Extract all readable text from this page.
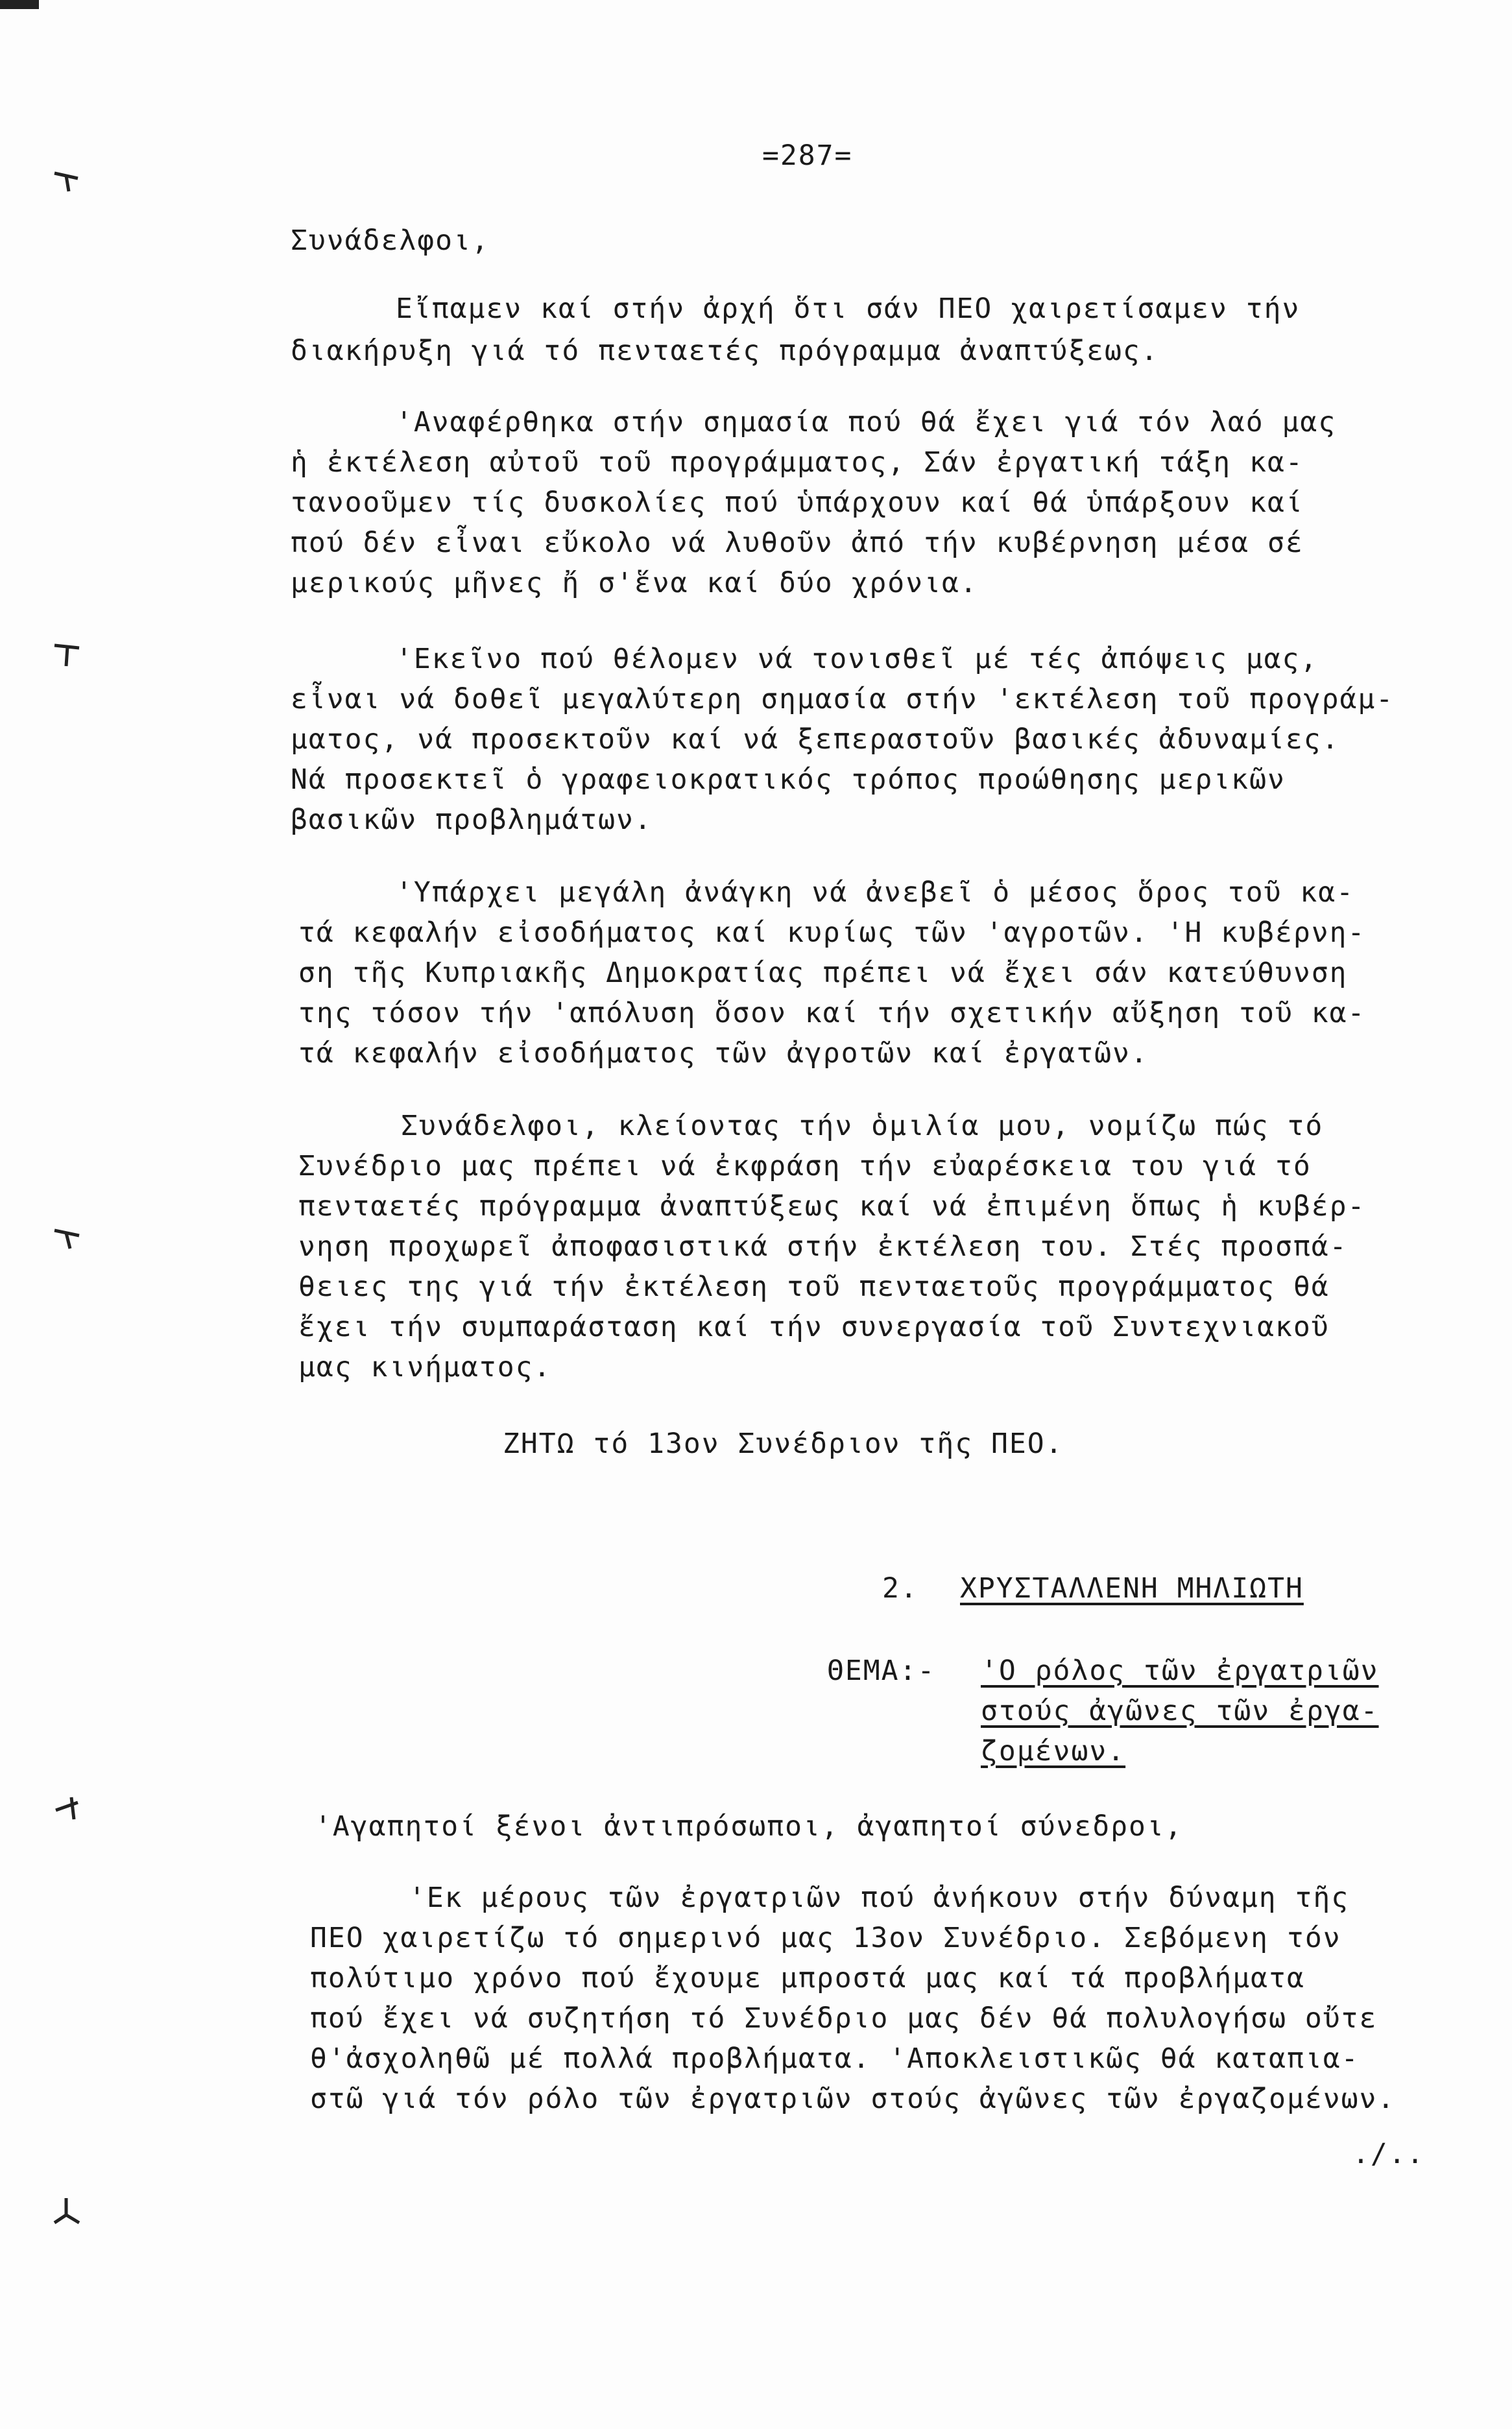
=287=
Συνάδελφοι,
Εἴπαμεν καί στήν ἀρχή ὅτι σάν ΠΕΟ χαιρετίσαμεν τήν
διακήρυξη γιά τό πενταετές πρόγραμμα ἀναπτύξεως.
'Αναφέρθηκα στήν σημασία πού θά ἔχει γιά τόν λαό μας
ἡ ἐκτέλεση αὐτοῦ τοῦ προγράμματος, Σάν ἐργατική τάξη κα-
τανοοῦμεν τίς δυσκολίες πού ὑπάρχουν καί θά ὑπάρξουν καί
πού δέν εἶναι εὔκολο νά λυθοῦν ἀπό τήν κυβέρνηση μέσα σέ
μερικούς μῆνες ἤ σ'ἕνα καί δύο χρόνια.
'Εκεῖνο πού θέλομεν νά τονισθεῖ μέ τές ἀπόψεις μας,
εἶναι νά δοθεῖ μεγαλύτερη σημασία στήν 'εκτέλεση τοῦ προγράμ-
ματος, νά προσεκτοῦν καί νά ξεπεραστοῦν βασικές ἀδυναμίες.
Νά προσεκτεῖ ὁ γραφειοκρατικός τρόπος προώθησης μερικῶν
βασικῶν προβλημάτων.
'Υπάρχει μεγάλη ἀνάγκη νά ἀνεβεῖ ὁ μέσος ὅρος τοῦ κα-
τά κεφαλήν εἰσοδήματος καί κυρίως τῶν 'αγροτῶν. 'Η κυβέρνη-
ση τῆς Κυπριακῆς Δημοκρατίας πρέπει νά ἔχει σάν κατεύθυνση
της τόσον τήν 'απόλυση ὅσον καί τήν σχετικήν αὔξηση τοῦ κα-
τά κεφαλήν εἰσοδήματος τῶν ἀγροτῶν καί ἐργατῶν.
Συνάδελφοι, κλείοντας τήν ὁμιλία μου, νομίζω πώς τό
Συνέδριο μας πρέπει νά ἐκφράση τήν εὐαρέσκεια του γιά τό
πενταετές πρόγραμμα ἀναπτύξεως καί νά ἐπιμένη ὅπως ἡ κυβέρ-
νηση προχωρεῖ ἀποφασιστικά στήν ἐκτέλεση του. Στές προσπά-
θειες της γιά τήν ἐκτέλεση τοῦ πενταετοῦς προγράμματος θά
ἔχει τήν συμπαράσταση καί τήν συνεργασία τοῦ Συντεχνιακοῦ
μας κινήματος.
ΖΗΤΩ τό 13ον Συνέδριον τῆς ΠΕΟ.
2. ΧΡΥΣΤΑΛΛΕΝΗ ΜΗΛΙΩΤΗ
ΘΕΜΑ:- 'Ο ρόλος τῶν ἐργατριῶν
στούς ἀγῶνες τῶν ἐργα-
ζομένων.
'Αγαπητοί ξένοι ἀντιπρόσωποι, ἀγαπητοί σύνεδροι,
'Εκ μέρους τῶν ἐργατριῶν πού ἀνήκουν στήν δύναμη τῆς
ΠΕΟ χαιρετίζω τό σημερινό μας 13ον Συνέδριο. Σεβόμενη τόν
πολύτιμο χρόνο πού ἔχουμε μπροστά μας καί τά προβλήματα
πού ἔχει νά συζητήση τό Συνέδριο μας δέν θά πολυλογήσω οὔτε
θ'ἀσχοληθῶ μέ πολλά προβλήματα. 'Αποκλειστικῶς θά καταπια-
στῶ γιά τόν ρόλο τῶν ἐργατριῶν στούς ἀγῶνες τῶν ἐργαζομένων.
./..
